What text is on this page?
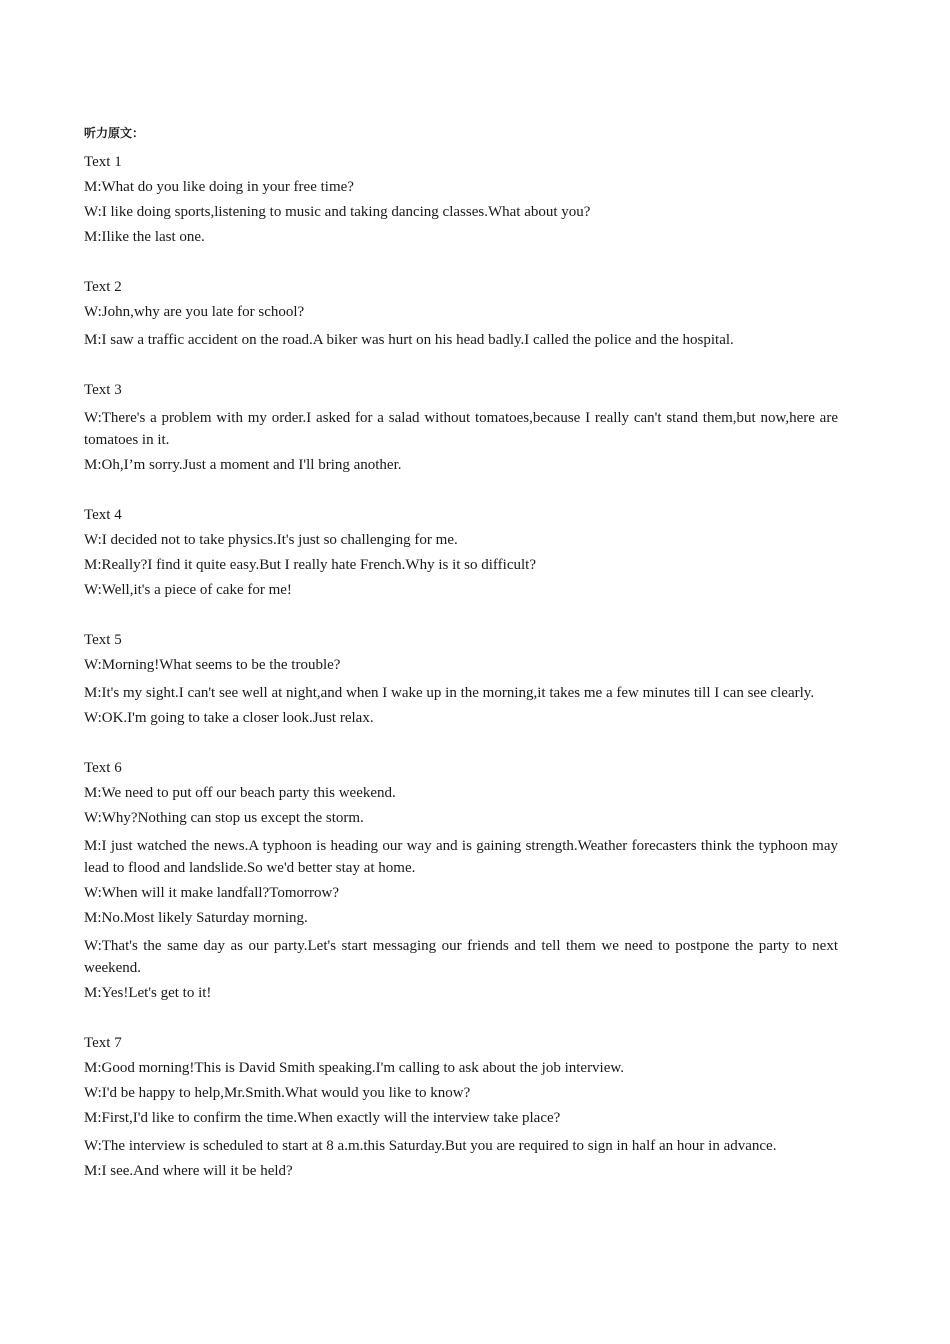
听力原文：
Text 1
M:What do you like doing in your free time?
W:I like doing sports,listening to music and taking dancing classes.What about you?
M:Ilike the last one.
Text 2
W:John,why are you late for school?
M:I saw a traffic accident on the road.A biker was hurt on his head badly.I called the police and the hospital.
Text 3
W:There's a problem with my order.I asked for a salad without tomatoes,because I really can't stand them,but now,here are tomatoes in it.
M:Oh,I’m sorry.Just a moment and I'll bring another.
Text 4
W:I decided not to take physics.It's just so challenging for me.
M:Really?I find it quite easy.But I really hate French.Why is it so difficult?
W:Well,it's a piece of cake for me!
Text 5
W:Morning!What seems to be the trouble?
M:It's my sight.I can't see well at night,and when I wake up in the morning,it takes me a few minutes till I can see clearly.
W:OK.I'm going to take a closer look.Just relax.
Text 6
M:We need to put off our beach party this weekend.
W:Why?Nothing can stop us except the storm.
M:I just watched the news.A typhoon is heading our way and is gaining strength.Weather forecasters think the typhoon may lead to flood and landslide.So we'd better stay at home.
W:When will it make landfall?Tomorrow?
M:No.Most likely Saturday morning.
W:That's the same day as our party.Let's start messaging our friends and tell them we need to postpone the party to next weekend.
M:Yes!Let's get to it!
Text 7
M:Good morning!This is David Smith speaking.I'm calling to ask about the job interview.
W:I'd be happy to help,Mr.Smith.What would you like to know?
M:First,I'd like to confirm the time.When exactly will the interview take place?
W:The interview is scheduled to start at 8 a.m.this Saturday.But you are required to sign in half an hour in advance.
M:I see.And where will it be held?
